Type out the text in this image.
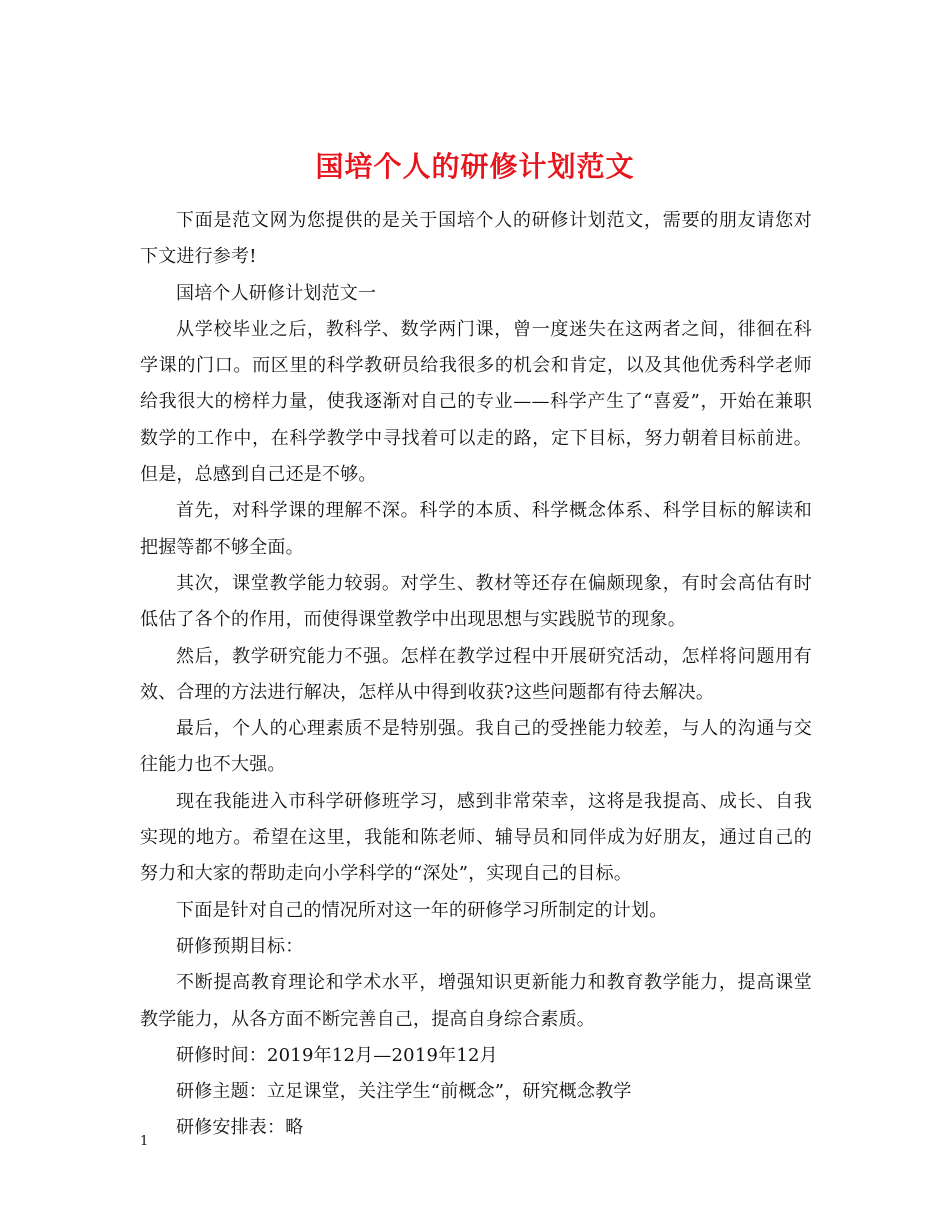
国培个人的研修计划范文

下面是范文网为您提供的是关于国培个人的研修计划范文，需要的朋友请您对下文进行参考!

国培个人研修计划范文一

从学校毕业之后，教科学、数学两门课，曾一度迷失在这两者之间，徘徊在科学课的门口。而区里的科学教研员给我很多的机会和肯定，以及其他优秀科学老师给我很大的榜样力量，使我逐渐对自己的专业——科学产生了“喜爱”，开始在兼职数学的工作中，在科学教学中寻找着可以走的路，定下目标，努力朝着目标前进。但是，总感到自己还是不够。

首先，对科学课的理解不深。科学的本质、科学概念体系、科学目标的解读和把握等都不够全面。

其次，课堂教学能力较弱。对学生、教材等还存在偏颇现象，有时会高估有时低估了各个的作用，而使得课堂教学中出现思想与实践脱节的现象。

然后，教学研究能力不强。怎样在教学过程中开展研究活动，怎样将问题用有效、合理的方法进行解决，怎样从中得到收获?这些问题都有待去解决。

最后，个人的心理素质不是特别强。我自己的受挫能力较差，与人的沟通与交往能力也不大强。

现在我能进入市科学研修班学习，感到非常荣幸，这将是我提高、成长、自我实现的地方。希望在这里，我能和陈老师、辅导员和同伴成为好朋友，通过自己的努力和大家的帮助走向小学科学的“深处”，实现自己的目标。

下面是针对自己的情况所对这一年的研修学习所制定的计划。

研修预期目标：

不断提高教育理论和学术水平，增强知识更新能力和教育教学能力，提高课堂教学能力，从各方面不断完善自己，提高自身综合素质。

研修时间：2019年12月—2019年12月

研修主题：立足课堂，关注学生“前概念”，研究概念教学

研修安排表：略

1
